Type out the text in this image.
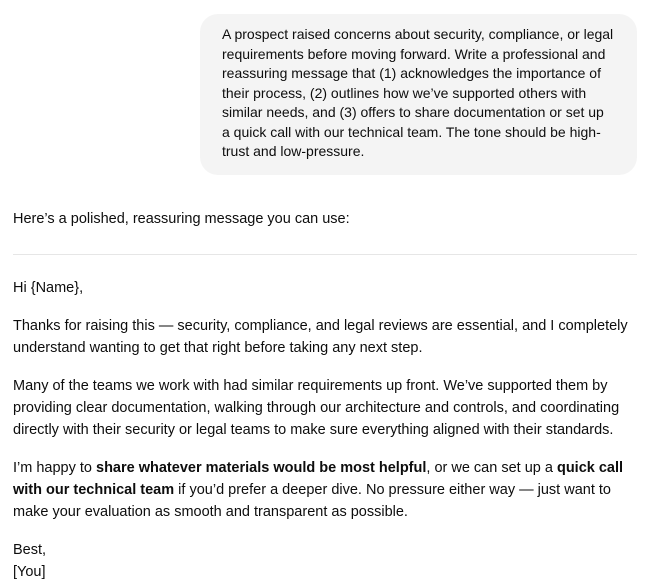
A prospect raised concerns about security, compliance, or legal requirements before moving forward. Write a professional and reassuring message that (1) acknowledges the importance of their process, (2) outlines how we’ve supported others with similar needs, and (3) offers to share documentation or set up a quick call with our technical team. The tone should be high-trust and low-pressure.

Here’s a polished, reassuring message you can use:

Hi {Name},

Thanks for raising this — security, compliance, and legal reviews are essential, and I completely understand wanting to get that right before taking any next step.

Many of the teams we work with had similar requirements up front. We’ve supported them by providing clear documentation, walking through our architecture and controls, and coordinating directly with their security or legal teams to make sure everything aligned with their standards.

I’m happy to share whatever materials would be most helpful, or we can set up a quick call with our technical team if you’d prefer a deeper dive. No pressure either way — just want to make your evaluation as smooth and transparent as possible.

Best,
[You]
